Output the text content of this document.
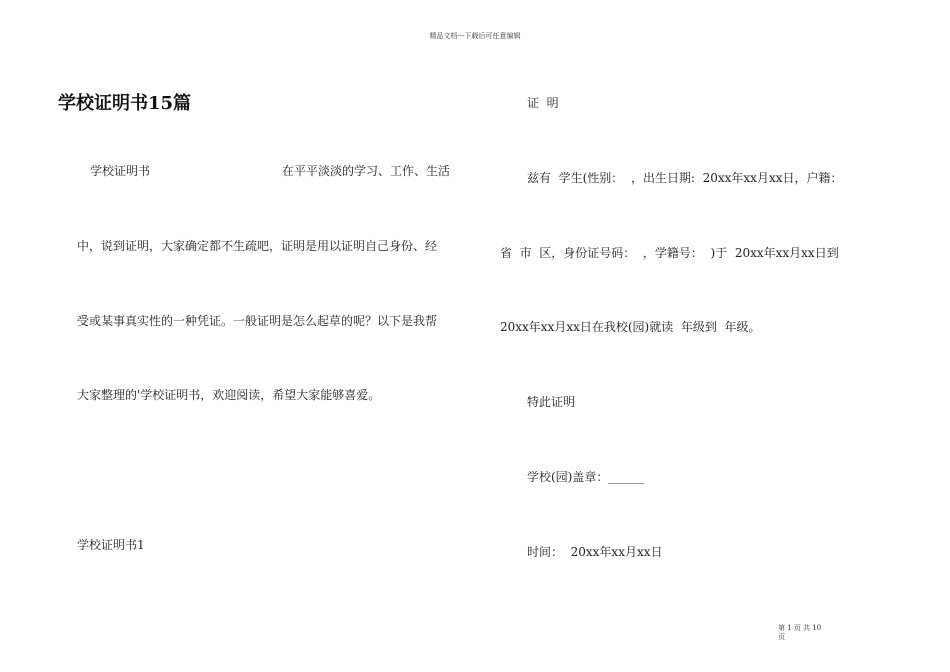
精品文档---下载后可任意编辑
学校证明书15篇
学校证明书	在平平淡淡的学习、工作、生活
中，说到证明，大家确定都不生疏吧，证明是用以证明自己身份、经
受或某事真实性的一种凭证。一般证明是怎么起草的呢？以下是我帮
大家整理的'学校证明书，欢迎阅读，希望大家能够喜爱。
学校证明书1
证  明
兹有  学生(性别：  ，出生日期:  20xx年xx月xx日，户籍：
省  市  区，身份证号码：  ，学籍号：  )于  20xx年xx月xx日到
20xx年xx月xx日在我校(园)就读  年级到  年级。
特此证明
学校(园)盖章：______
时间：  20xx年xx月xx日
第 1 页 共 10
页
